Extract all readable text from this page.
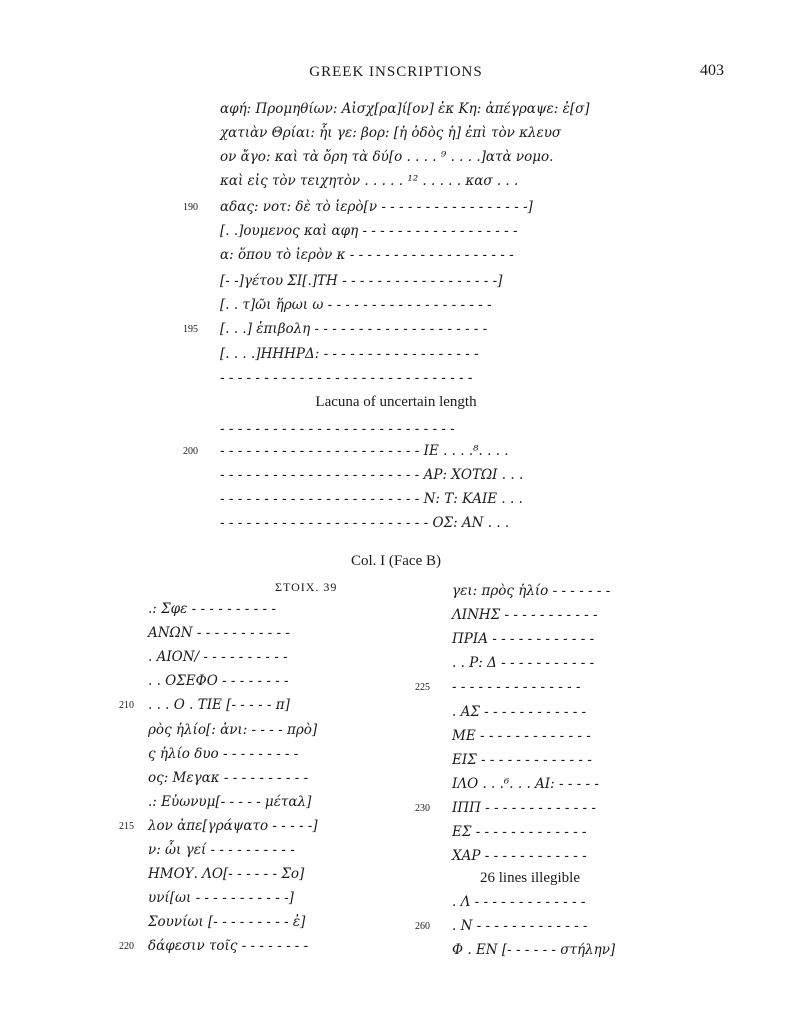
GREEK INSCRIPTIONS	403
αφή: Προμηθίων: Αἰσχ[ρα]ί[ον] ἐκ Κη: ἀπέγραψε: ἐ[σ]
χατιὰν Θρίαι: ἧι γε: βορ: [ἡ ὁδὸς ἡ] ἐπὶ τὸν κλευσ
ον ἄγο: καὶ τὰ ὄρη τὰ δύ[ο . . . . ⁹ . . . .]ατὰ νομο.
καὶ εἰς τὸν τειχητὸν . . . . . ¹² . . . . . κασ . . .
190 αδας: νοτ: δὲ τὸ ἱερὸ[ν - - - - - - - - - - - - - - - - -]
[. .]ουμενος καὶ αφη - - - - - - - - - - - - - - - - - -
α: ὅπου τὸ ἱερὸν κ - - - - - - - - - - - - - - - - - - -
[- -]γέτου ΣΙ[.]ΤΗ - - - - - - - - - - - - - - - - - -]
[. . τ]ῶι ἥρωι ω - - - - - - - - - - - - - - - - - - -
195 [. . .] ἐπιβολη - - - - - - - - - - - - - - - - - - - -
[. . . .]ΗΗΗΡΔ: - - - - - - - - - - - - - - - - - -
- - - - - - - - - - - - - - - - - - - - - - - - - - - - -
Lacuna of uncertain length
- - - - - - - - - - - - - - - - - - - - - - - - - - -
200 - - - - - - - - - - - - - - - - - - - - - - - ΙΕ . . . .⁸. . . .
- - - - - - - - - - - - - - - - - - - - - - - ΑΡ: ΧΟΤΩΙ . . .
- - - - - - - - - - - - - - - - - - - - - - - Ν: Τ: ΚΑΙΕ . . .
- - - - - - - - - - - - - - - - - - - - - - - - ΟΣ: ΑΝ . . .
Col. I (Face B)
ΣΤΟΙΧ. 39
.: Σφε - - - - - - - - - -
ΑΝΩΝ - - - - - - - - - - -
. ΑΙΟΝ/ - - - - - - - - - -
. . ΟΣΕΦΟ - - - - - - - -
210 . . . Ο . ΤΙΕ [- - - - - π]
ρὸς ἡλίο[: ἀνι: - - - - πρὸ]
ς ἡλίο δυο - - - - - - - - -
ος: Μεγακ - - - - - - - - - -
.: Εὐωνυμ[- - - - - μέταλ]
215 λον ἀπε[γράψατο - - - - -]
ν: ὧι γεί - - - - - - - - - -
ΗΜΟΥ. ΛΟ[- - - - - - Σο]
υνί[ωι - - - - - - - - - - -]
Σουνίωι [- - - - - - - - - ἐ]
220 δάφεσιν τοῖς - - - - - - - -
γει: πρὸς ἡλίο - - - - - - -
ΛΙΝΗΣ - - - - - - - - - - -
ΠΡΙΑ - - - - - - - - - - - -
. . Ρ: Δ - - - - - - - - - - -
225 - - - - - - - - - - - - - - -
. ΑΣ - - - - - - - - - - - -
ΜΕ - - - - - - - - - - - - -
ΕΙΣ - - - - - - - - - - - - -
ΙΛΟ . . .⁶. . . ΑΙ: - - - - -
230 ΙΠΠ - - - - - - - - - - - - -
ΕΣ - - - - - - - - - - - - -
ΧΑΡ - - - - - - - - - - - -
26 lines illegible
. Λ - - - - - - - - - - - - -
260 . Ν - - - - - - - - - - - - -
Φ . ΕΝ [- - - - - - στήλην]
